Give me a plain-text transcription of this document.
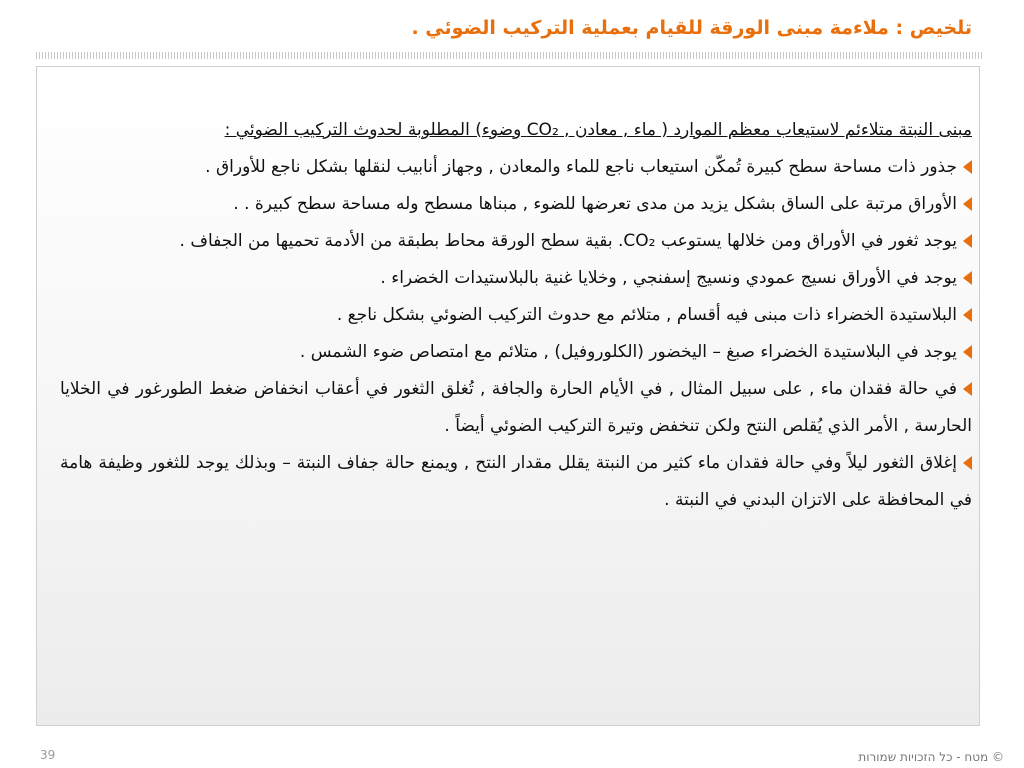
تلخيص : ملاءمة مبنى الورقة للقيام بعملية التركيب الضوئي .

مبنى النبتة متلاءئم لاستيعاب معظم الموارد ( ماء , معادن , CO₂ وضوء) المطلوبة لحدوث التركيب الضوئي :

جذور ذات مساحة سطح كبيرة تُمكّن استيعاب ناجع للماء والمعادن , وجهاز أنابيب لنقلها بشكل ناجع للأوراق .
الأوراق مرتبة على الساق بشكل يزيد من مدى تعرضها للضوء , مبناها مسطح وله مساحة سطح كبيرة . .
يوجد ثغور في الأوراق ومن خلالها يستوعب CO₂. بقية سطح الورقة محاط بطبقة من الأدمة تحميها من الجفاف .
يوجد في الأوراق نسيج عمودي ونسيج إسفنجي , وخلايا غنية بالبلاستيدات الخضراء .
البلاستيدة الخضراء ذات مبنى فيه أقسام , متلائم مع حدوث التركيب الضوئي بشكل ناجع .
يوجد في البلاستيدة الخضراء صبغ – اليخضور (الكلوروفيل) , متلائم مع امتصاص ضوء الشمس .
في حالة فقدان ماء , على سبيل المثال , في الأيام الحارة والجافة , تُغلق الثغور في أعقاب انخفاض ضغط الطورغور في الخلايا الحارسة , الأمر الذي يُقلص النتح ولكن تنخفض وتيرة التركيب الضوئي أيضاً .
إغلاق الثغور ليلاً وفي حالة فقدان ماء كثير من النبتة يقلل مقدار النتح , ويمنع حالة جفاف النبتة – وبذلك يوجد للثغور وظيفة هامة في المحافظة على الاتزان البدني في النبتة .
39	© מטח - כל הזכויות שמורות
